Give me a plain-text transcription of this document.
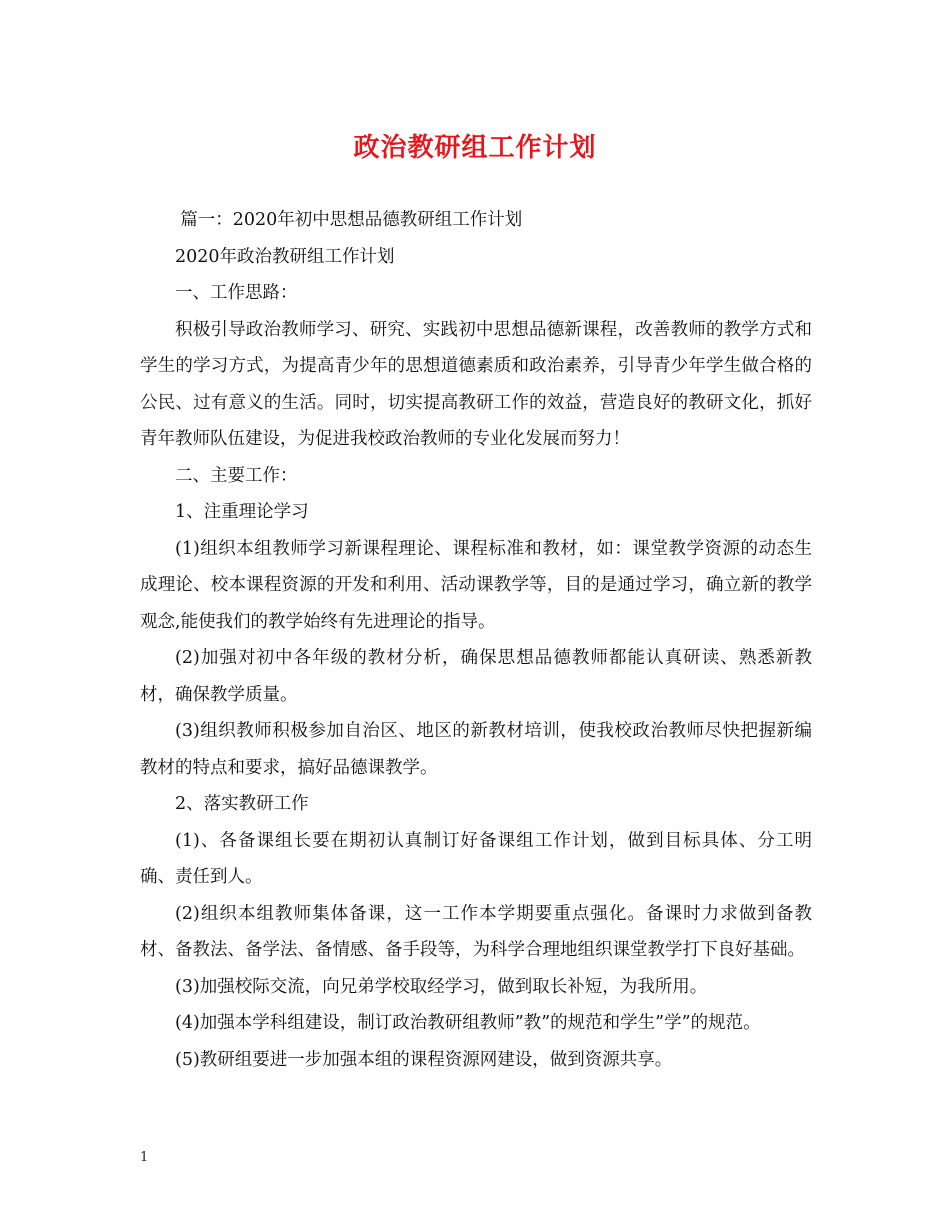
政治教研组工作计划

篇一：2020年初中思想品德教研组工作计划

2020年政治教研组工作计划

一、工作思路：

积极引导政治教师学习、研究、实践初中思想品德新课程，改善教师的教学方式和学生的学习方式，为提高青少年的思想道德素质和政治素养，引导青少年学生做合格的公民、过有意义的生活。同时，切实提高教研工作的效益，营造良好的教研文化，抓好青年教师队伍建设，为促进我校政治教师的专业化发展而努力！

二、主要工作：

1、注重理论学习

(1)组织本组教师学习新课程理论、课程标准和教材，如：课堂教学资源的动态生成理论、校本课程资源的开发和利用、活动课教学等，目的是通过学习，确立新的教学观念,能使我们的教学始终有先进理论的指导。

(2)加强对初中各年级的教材分析，确保思想品德教师都能认真研读、熟悉新教材，确保教学质量。

(3)组织教师积极参加自治区、地区的新教材培训，使我校政治教师尽快把握新编教材的特点和要求，搞好品德课教学。

2、落实教研工作

(1)、各备课组长要在期初认真制订好备课组工作计划，做到目标具体、分工明确、责任到人。

(2)组织本组教师集体备课，这一工作本学期要重点强化。备课时力求做到备教材、备教法、备学法、备情感、备手段等，为科学合理地组织课堂教学打下良好基础。

(3)加强校际交流，向兄弟学校取经学习，做到取长补短，为我所用。

(4)加强本学科组建设，制订政治教研组教师”教”的规范和学生”学”的规范。

(5)教研组要进一步加强本组的课程资源网建设，做到资源共享。

1
